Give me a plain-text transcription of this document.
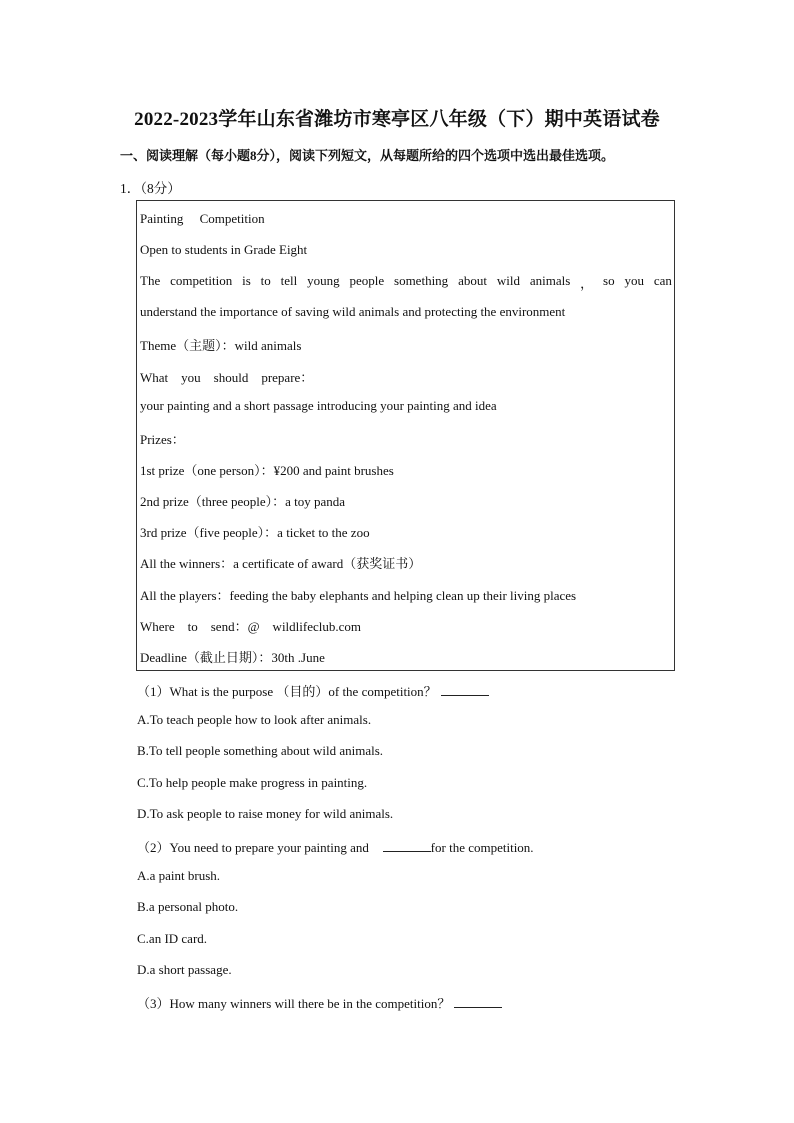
2022-2023学年山东省潍坊市寒亭区八年级（下）期中英语试卷
一、阅读理解（每小题8分），阅读下列短文，从每题所给的四个选项中选出最佳选项。
1．（8分）
Painting Competition
Open to students in Grade Eight
The competition is to tell young people something about wild animals ， so you can
understand the importance of saving wild animals and protecting the environment
Theme（主题）：wild animals
What　you　should　prepare：
your painting and a short passage introducing your painting and idea
Prizes：
1st prize（one person）：¥200 and paint brushes
2nd prize（three people）：a toy panda
3rd prize（five people）：a ticket to the zoo
All the winners：a certificate of award（获奖证书）
All the players：feeding the baby elephants and helping clean up their living places
Where　to　send：@　wildlifeclub.com
Deadline（截止日期）：30th .June
（1）What is the purpose （目的）of the competition？
A.To teach people how to look after animals.
B.To tell people something about wild animals.
C.To help people make progress in painting.
D.To ask people to raise money for wild animals.
（2）You need to prepare your painting and	for the competition.
A.a paint brush.
B.a personal photo.
C.an ID card.
D.a short passage.
（3）How many winners will there be in the competition？
